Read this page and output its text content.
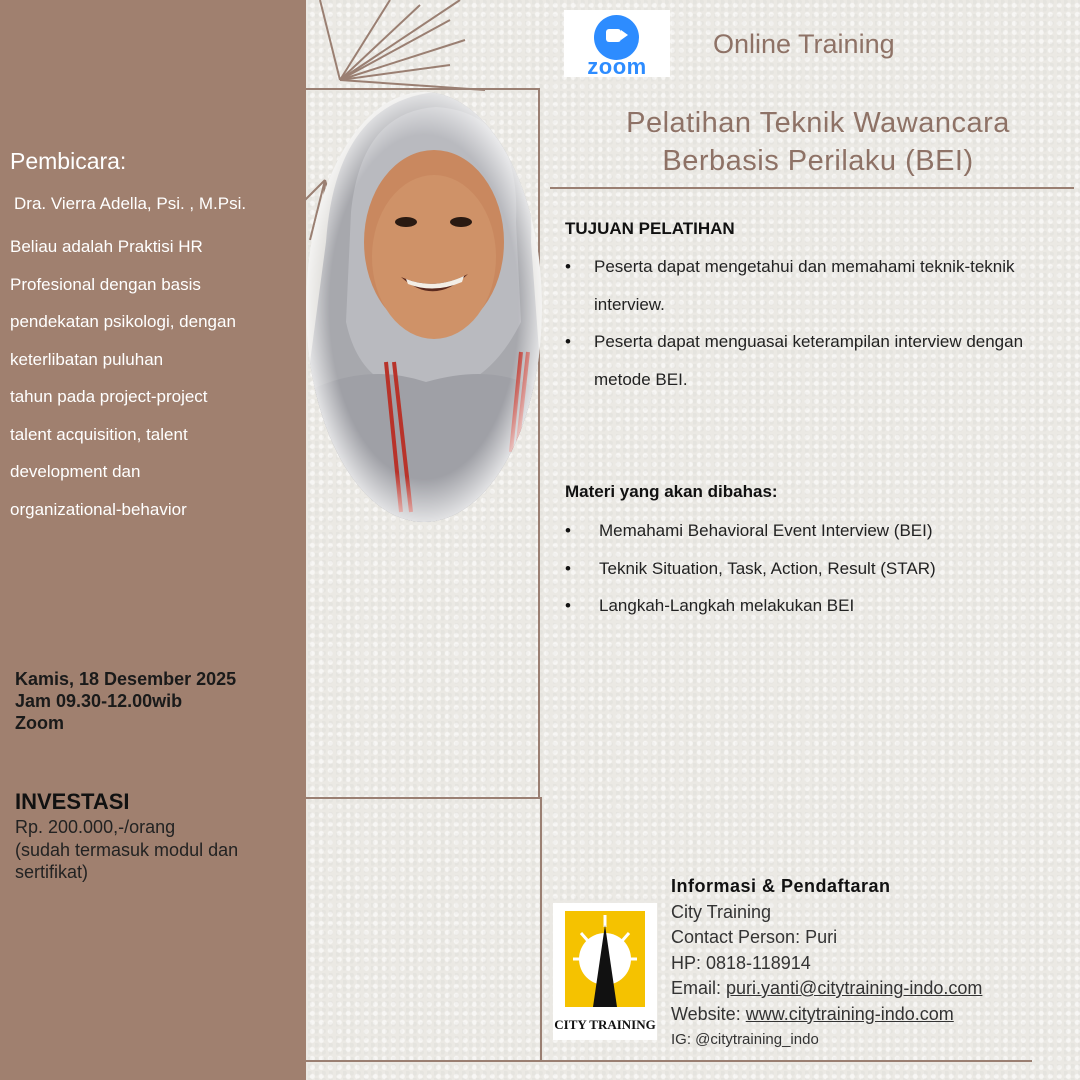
Pembicara:
Dra. Vierra Adella, Psi. , M.Psi.
Beliau adalah Praktisi HR
Profesional dengan basis
pendekatan psikologi, dengan
keterlibatan puluhan
tahun pada project-project
talent acquisition, talent
development dan
organizational-behavior
Kamis, 18 Desember 2025
Jam 09.30-12.00wib
Zoom
INVESTASI
Rp. 200.000,-/orang
(sudah termasuk modul dan sertifikat)
zoom
Online Training
Pelatihan Teknik Wawancara
Berbasis Perilaku (BEI)
TUJUAN PELATIHAN
•	Peserta dapat mengetahui dan memahami teknik-teknik
interview.
•	Peserta dapat menguasai keterampilan interview dengan
metode BEI.
Materi yang akan dibahas:
•	Memahami Behavioral Event Interview (BEI)
•	Teknik Situation, Task, Action, Result (STAR)
•	Langkah-Langkah melakukan BEI
CITY TRAINING
Informasi & Pendaftaran
City Training
Contact Person: Puri
HP: 0818-118914
Email: puri.yanti@citytraining-indo.com
Website: www.citytraining-indo.com
IG: @citytraining_indo
